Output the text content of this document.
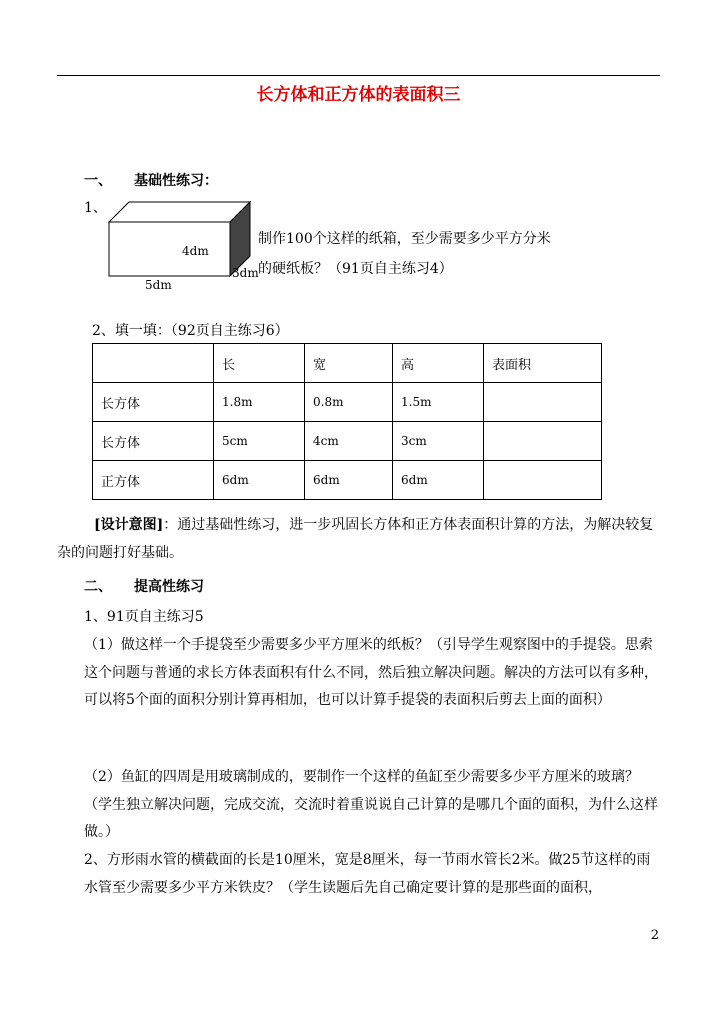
长方体和正方体的表面积三
一、 基础性练习：
1、
4dm
3dm
5dm
制作100个这样的纸箱，至少需要多少平方分米
的硬纸板？（91页自主练习4）
2、填一填：（92页自主练习6）
	长	宽	高	表面积
长方体	1.8m	0.8m	1.5m	
长方体	5cm	4cm	3cm	
正方体	6dm	6dm	6dm	
[设计意图]：通过基础性练习，进一步巩固长方体和正方体表面积计算的方法，为解决较复杂的问题打好基础。
二、 提高性练习
1、91页自主练习5
（1）做这样一个手提袋至少需要多少平方厘米的纸板？（引导学生观察图中的手提袋。思索这个问题与普通的求长方体表面积有什么不同，然后独立解决问题。解决的方法可以有多种，可以将5个面的面积分别计算再相加，也可以计算手提袋的表面积后剪去上面的面积）
（2）鱼缸的四周是用玻璃制成的，要制作一个这样的鱼缸至少需要多少平方厘米的玻璃？（学生独立解决问题，完成交流，交流时着重说说自己计算的是哪几个面的面积，为什么这样做。）
2、方形雨水管的横截面的长是10厘米，宽是8厘米，每一节雨水管长2米。做25节这样的雨水管至少需要多少平方米铁皮？（学生读题后先自己确定要计算的是那些面的面积，
2
